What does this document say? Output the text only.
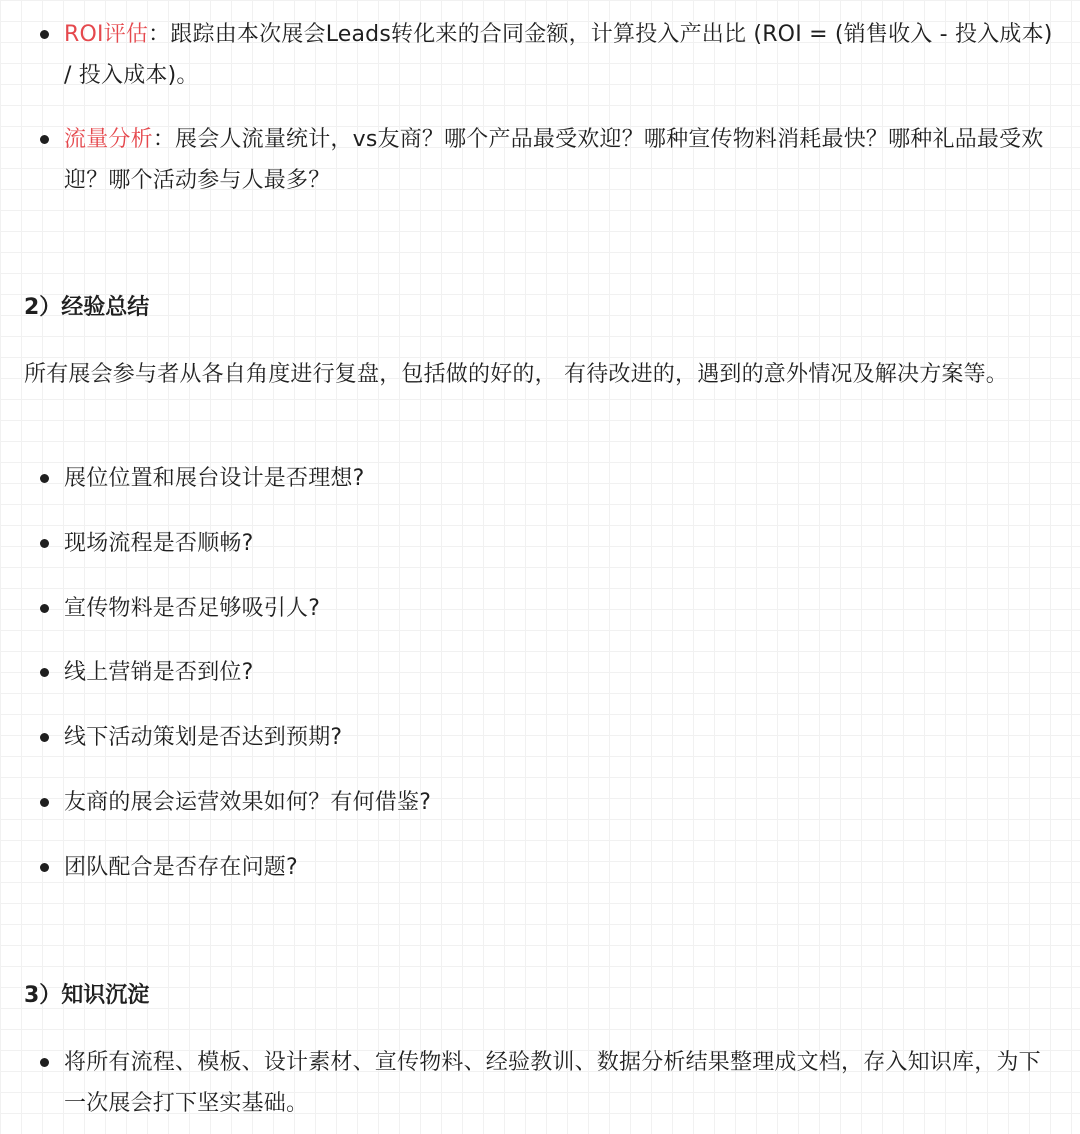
ROI评估：跟踪由本次展会Leads转化来的合同金额，计算投入产出比 (ROI = (销售收入 - 投入成本) / 投入成本)。
流量分析：展会人流量统计，vs友商？哪个产品最受欢迎？哪种宣传物料消耗最快？哪种礼品最受欢迎？哪个活动参与人最多？
2）经验总结
所有展会参与者从各自角度进行复盘，包括做的好的， 有待改进的，遇到的意外情况及解决方案等。
展位位置和展台设计是否理想?
现场流程是否顺畅?
宣传物料是否足够吸引人?
线上营销是否到位?
线下活动策划是否达到预期?
友商的展会运营效果如何？有何借鉴?
团队配合是否存在问题?
3）知识沉淀
将所有流程、模板、设计素材、宣传物料、经验教训、数据分析结果整理成文档，存入知识库，为下一次展会打下坚实基础。
